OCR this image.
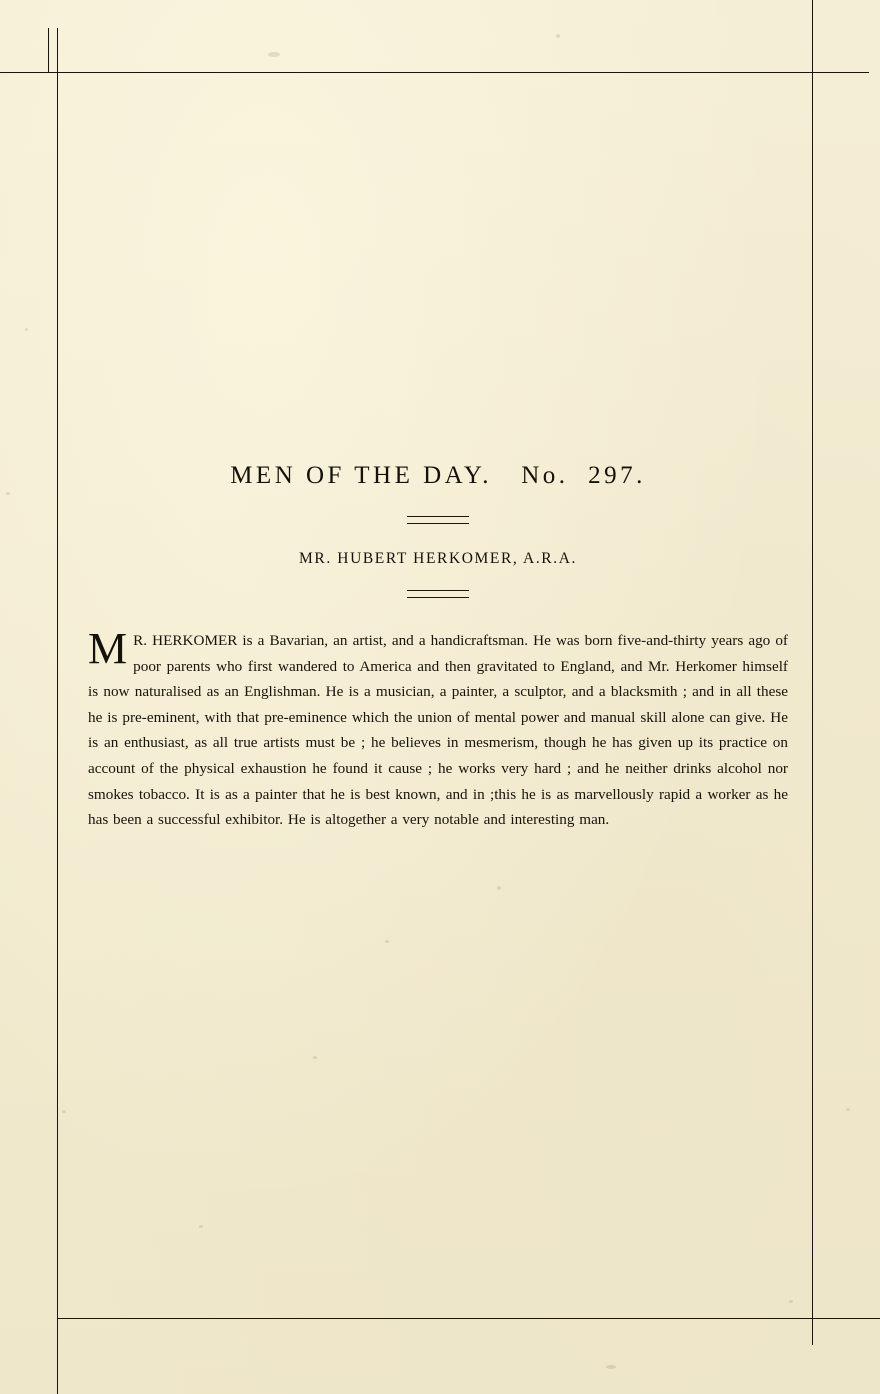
MEN OF THE DAY. No. 297.
MR. HUBERT HERKOMER, A.R.A.

M R. HERKOMER is a Bavarian, an artist, and a handicraftsman. He was born five-and-thirty years ago of poor parents who first wandered to America and then gravitated to England, and Mr. Herkomer himself is now naturalised as an Englishman. He is a musician, a painter, a sculptor, and a blacksmith ; and in all these he is pre-eminent, with that pre-eminence which the union of mental power and manual skill alone can give. He is an enthusiast, as all true artists must be ; he believes in mesmerism, though he has given up its practice on account of the physical exhaustion he found it cause ; he works very hard ; and he neither drinks alcohol nor smokes tobacco. It is as a painter that he is best known, and in ;this he is as marvellously rapid a worker as he has been a successful exhibitor. He is altogether a very notable and interesting man.
